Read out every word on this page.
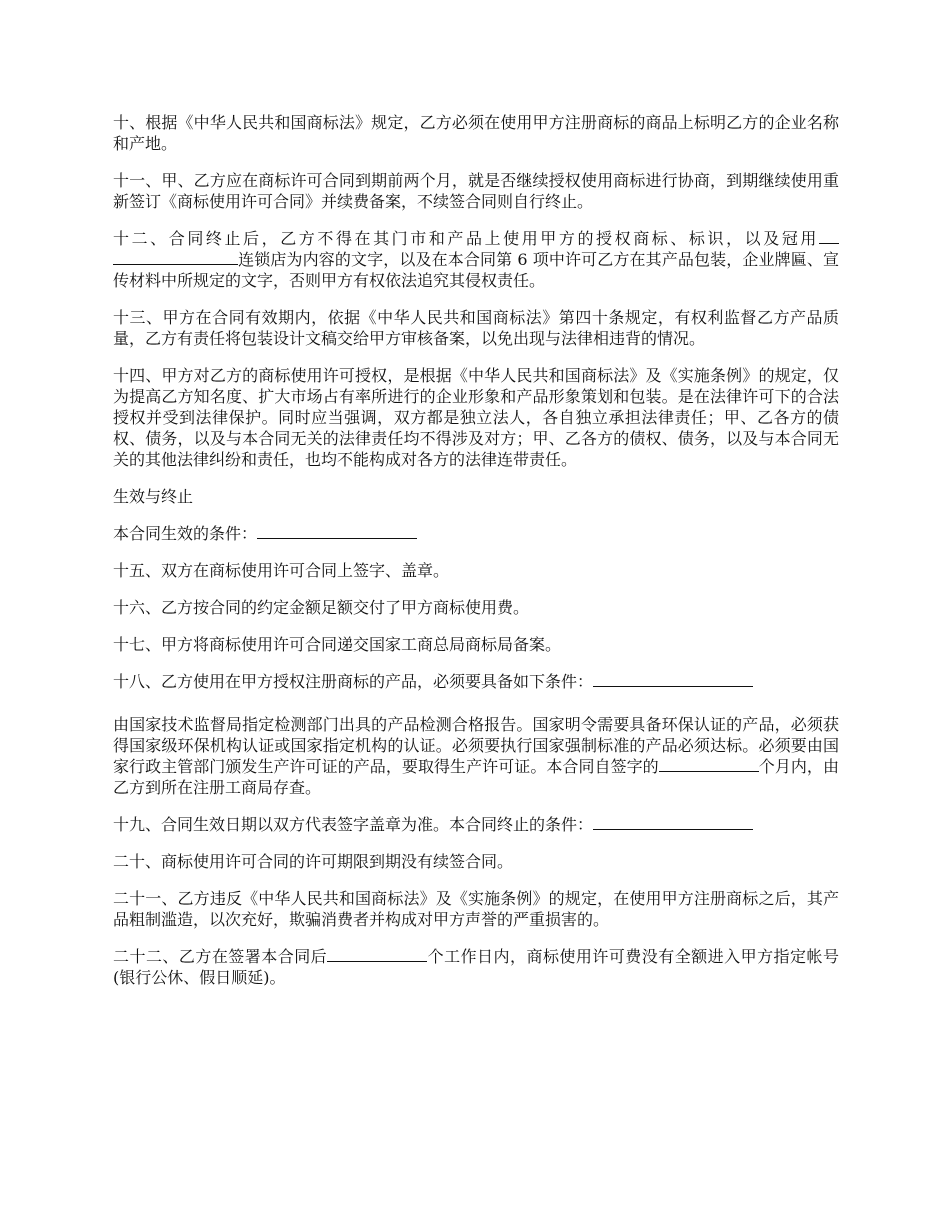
十、根据《中华人民共和国商标法》规定，乙方必须在使用甲方注册商标的商品上标明乙方的企业名称和产地。

十一、甲、乙方应在商标许可合同到期前两个月，就是否继续授权使用商标进行协商，到期继续使用重新签订《商标使用许可合同》并续费备案，不续签合同则自行终止。

十二、合同终止后，乙方不得在其门市和产品上使用甲方的授权商标、标识，以及冠用连锁店为内容的文字，以及在本合同第 6 项中许可乙方在其产品包装，企业牌匾、宣传材料中所规定的文字，否则甲方有权依法追究其侵权责任。

十三、甲方在合同有效期内，依据《中华人民共和国商标法》第四十条规定，有权利监督乙方产品质量，乙方有责任将包装设计文稿交给甲方审核备案，以免出现与法律相违背的情况。

十四、甲方对乙方的商标使用许可授权，是根据《中华人民共和国商标法》及《实施条例》的规定，仅为提高乙方知名度、扩大市场占有率所进行的企业形象和产品形象策划和包装。是在法律许可下的合法授权并受到法律保护。同时应当强调，双方都是独立法人，各自独立承担法律责任；甲、乙各方的债权、债务，以及与本合同无关的法律责任均不得涉及对方；甲、乙各方的债权、债务，以及与本合同无关的其他法律纠纷和责任，也均不能构成对各方的法律连带责任。

生效与终止

本合同生效的条件：

十五、双方在商标使用许可合同上签字、盖章。

十六、乙方按合同的约定金额足额交付了甲方商标使用费。

十七、甲方将商标使用许可合同递交国家工商总局商标局备案。

十八、乙方使用在甲方授权注册商标的产品，必须要具备如下条件：

由国家技术监督局指定检测部门出具的产品检测合格报告。国家明令需要具备环保认证的产品，必须获得国家级环保机构认证或国家指定机构的认证。必须要执行国家强制标准的产品必须达标。必须要由国家行政主管部门颁发生产许可证的产品，要取得生产许可证。本合同自签字的	个月内，由乙方到所在注册工商局存查。

十九、合同生效日期以双方代表签字盖章为准。本合同终止的条件：

二十、商标使用许可合同的许可期限到期没有续签合同。

二十一、乙方违反《中华人民共和国商标法》及《实施条例》的规定，在使用甲方注册商标之后，其产品粗制滥造，以次充好，欺骗消费者并构成对甲方声誉的严重损害的。

二十二、乙方在签署本合同后	个工作日内，商标使用许可费没有全额进入甲方指定帐号(银行公休、假日顺延)。
